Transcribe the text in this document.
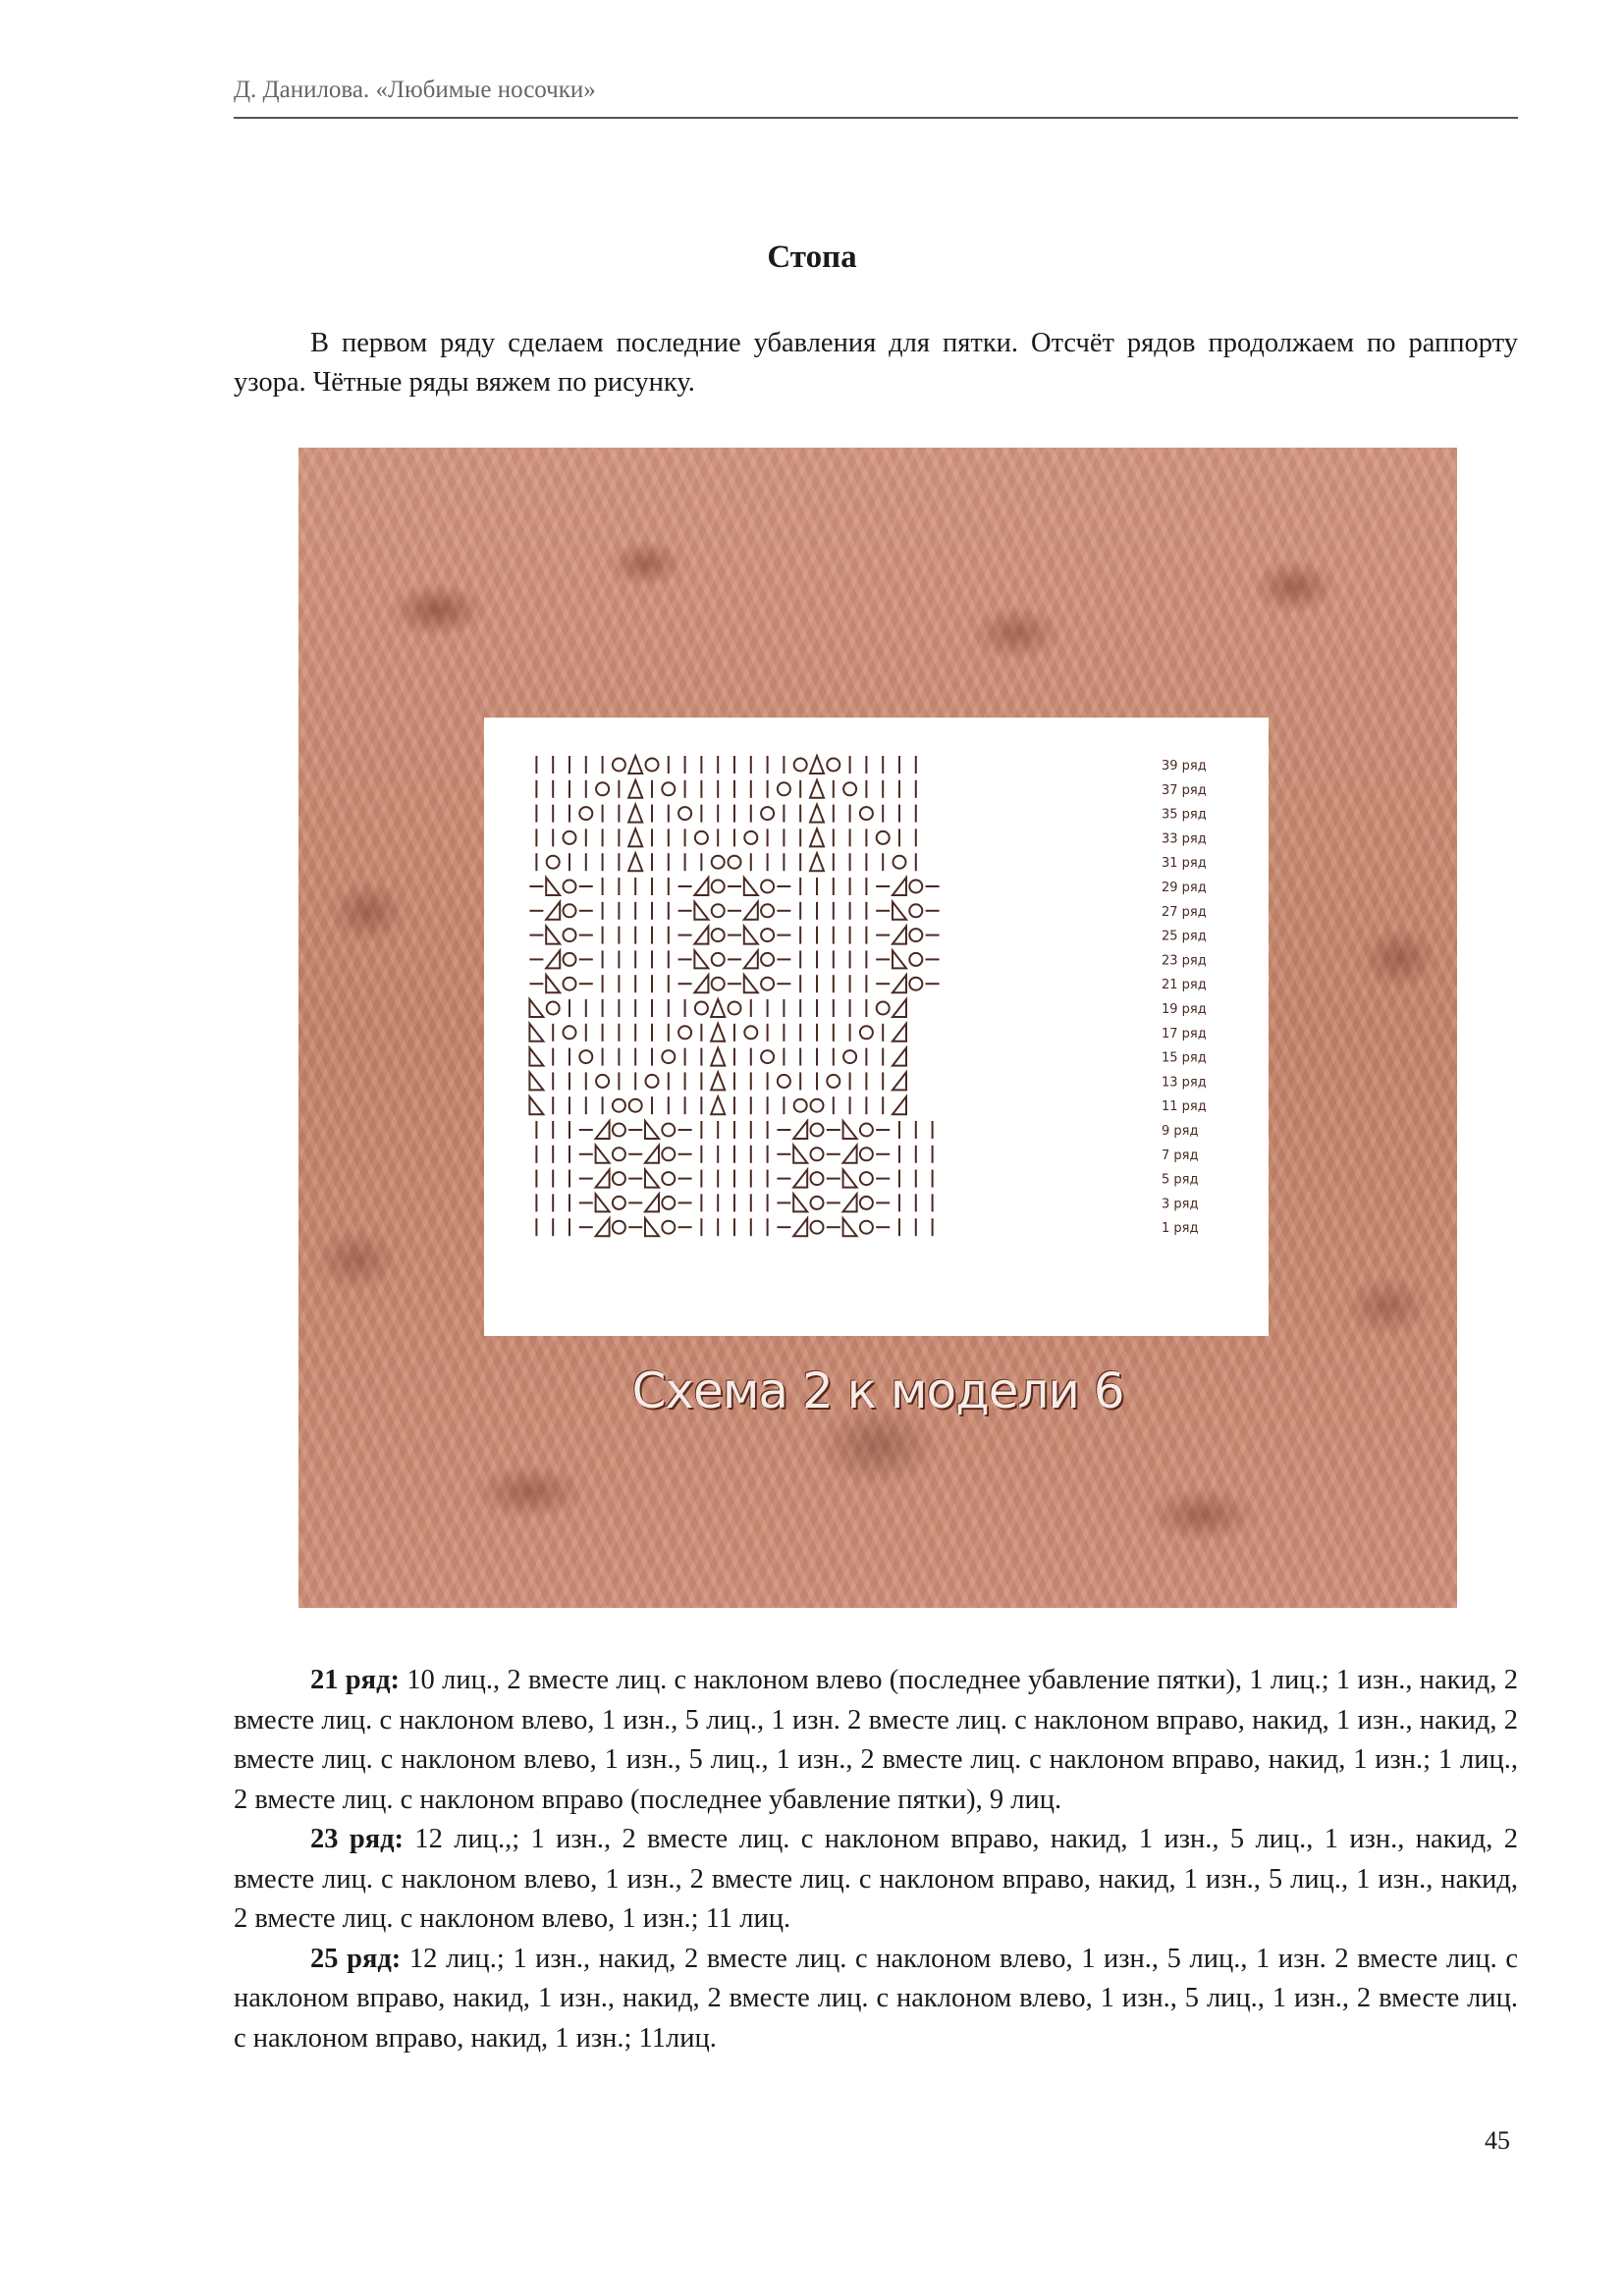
Д. Данилова. «Любимые носочки»
Стопа

В первом ряду сделаем последние убавления для пятки. Отсчёт рядов продолжаем по раппорту узора. Чётные ряды вяжем по рисунку.

39 ряд
37 ряд
35 ряд
33 ряд
31 ряд
29 ряд
27 ряд
25 ряд
23 ряд
21 ряд
19 ряд
17 ряд
15 ряд
13 ряд
11 ряд
9 ряд
7 ряд
5 ряд
3 ряд
1 ряд
Схема 2 к модели 6

21 ряд: 10 лиц., 2 вместе лиц. с наклоном влево (последнее убавление пятки), 1 лиц.; 1 изн., накид, 2 вместе лиц. с наклоном влево, 1 изн., 5 лиц., 1 изн. 2 вместе лиц. с наклоном вправо, накид, 1 изн., накид, 2 вместе лиц. с наклоном влево, 1 изн., 5 лиц., 1 изн., 2 вместе лиц. с наклоном вправо, накид, 1 изн.; 1 лиц., 2 вместе лиц. с наклоном вправо (последнее убавление пятки), 9 лиц.

23 ряд: 12 лиц.,; 1 изн., 2 вместе лиц. с наклоном вправо, накид, 1 изн., 5 лиц., 1 изн., накид, 2 вместе лиц. с наклоном влево, 1 изн., 2 вместе лиц. с наклоном вправо, накид, 1 изн., 5 лиц., 1 изн., накид, 2 вместе лиц. с наклоном влево, 1 изн.; 11 лиц.

25 ряд: 12 лиц.; 1 изн., накид, 2 вместе лиц. с наклоном влево, 1 изн., 5 лиц., 1 изн. 2 вместе лиц. с наклоном вправо, накид, 1 изн., накид, 2 вместе лиц. с наклоном влево, 1 изн., 5 лиц., 1 изн., 2 вместе лиц. с наклоном вправо, накид, 1 изн.; 11лиц.

45
